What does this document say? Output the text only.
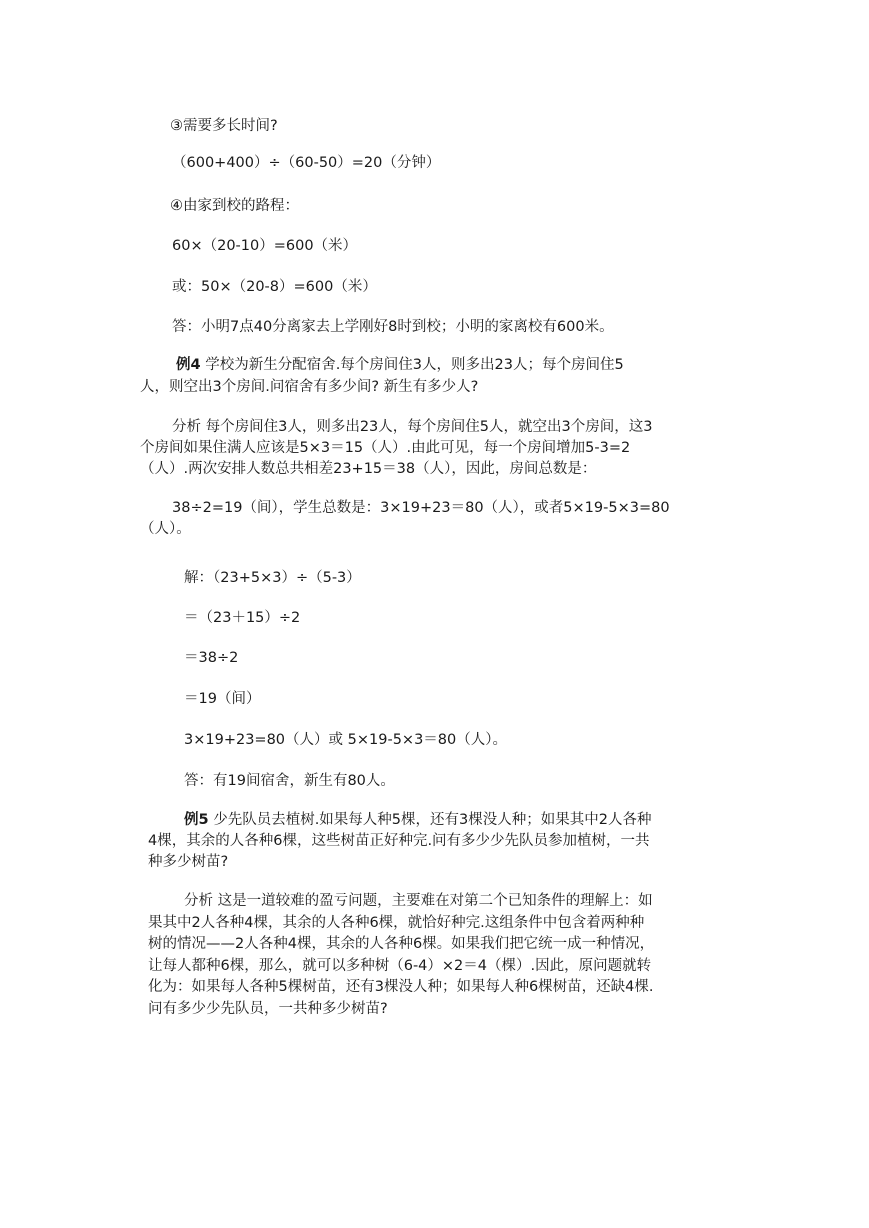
③需要多长时间?
（600+400）÷（60-50）=20（分钟）
④由家到校的路程：
60×（20-10）=600（米）
或：50×（20-8）=600（米）
答：小明7点40分离家去上学刚好8时到校；小明的家离校有600米。
例4 学校为新生分配宿舍.每个房间住3人，则多出23人；每个房间住5
人，则空出3个房间.问宿舍有多少间? 新生有多少人?
分析 每个房间住3人，则多出23人，每个房间住5人，就空出3个房间，这3
个房间如果住满人应该是5×3＝15（人）.由此可见，每一个房间增加5-3=2
（人）.两次安排人数总共相差23+15＝38（人），因此，房间总数是：
38÷2=19（间），学生总数是：3×19+23＝80（人），或者5×19-5×3=80
（人）。
解：（23+5×3）÷（5-3）
＝（23＋15）÷2
＝38÷2
＝19（间）
3×19+23=80（人）或 5×19-5×3＝80（人）。
答：有19间宿舍，新生有80人。
例5 少先队员去植树.如果每人种5棵，还有3棵没人种；如果其中2人各种
4棵，其余的人各种6棵，这些树苗正好种完.问有多少少先队员参加植树，一共
种多少树苗?
分析 这是一道较难的盈亏问题，主要难在对第二个已知条件的理解上：如
果其中2人各种4棵，其余的人各种6棵，就恰好种完.这组条件中包含着两种种
树的情况——2人各种4棵，其余的人各种6棵。如果我们把它统一成一种情况，
让每人都种6棵，那么，就可以多种树（6-4）×2＝4（棵）.因此，原问题就转
化为：如果每人各种5棵树苗，还有3棵没人种；如果每人种6棵树苗，还缺4棵.
问有多少少先队员，一共种多少树苗?
